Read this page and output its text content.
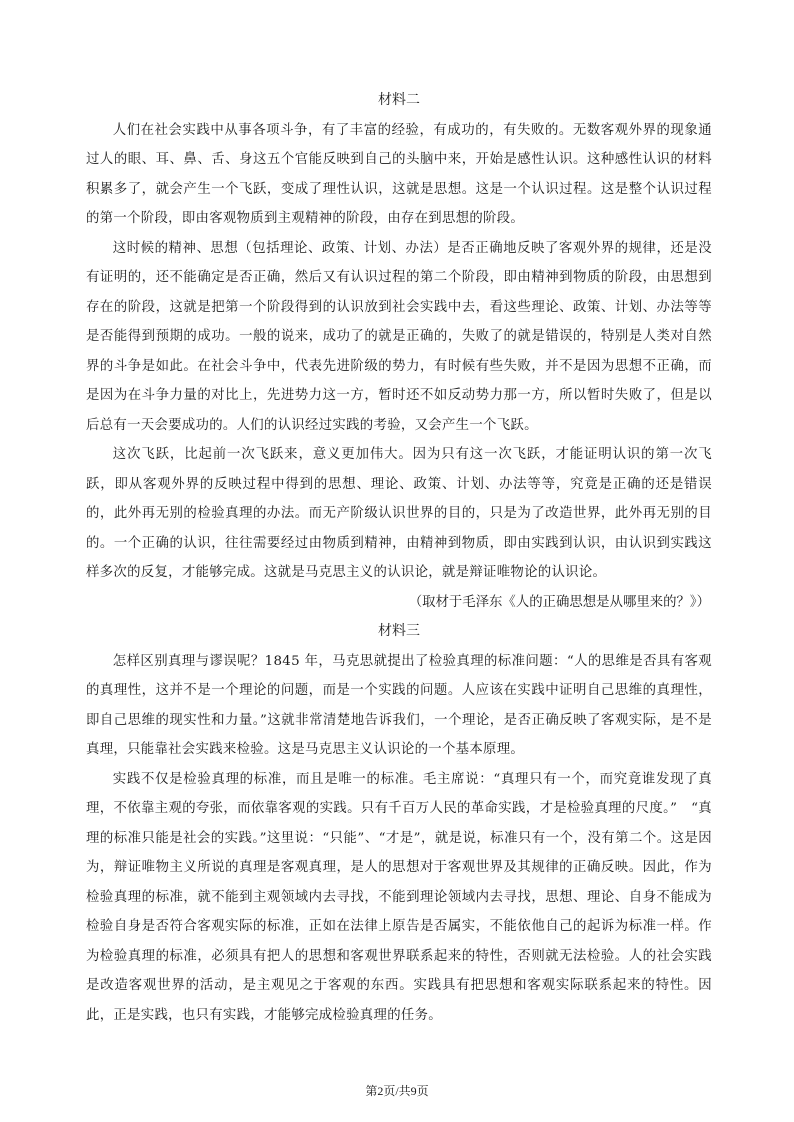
材料二

人们在社会实践中从事各项斗争，有了丰富的经验，有成功的，有失败的。无数客观外界的现象通过人的眼、耳、鼻、舌、身这五个官能反映到自己的头脑中来，开始是感性认识。这种感性认识的材料积累多了，就会产生一个飞跃，变成了理性认识，这就是思想。这是一个认识过程。这是整个认识过程的第一个阶段，即由客观物质到主观精神的阶段，由存在到思想的阶段。

这时候的精神、思想（包括理论、政策、计划、办法）是否正确地反映了客观外界的规律，还是没有证明的，还不能确定是否正确，然后又有认识过程的第二个阶段，即由精神到物质的阶段，由思想到存在的阶段，这就是把第一个阶段得到的认识放到社会实践中去，看这些理论、政策、计划、办法等等是否能得到预期的成功。一般的说来，成功了的就是正确的，失败了的就是错误的，特别是人类对自然界的斗争是如此。在社会斗争中，代表先进阶级的势力，有时候有些失败，并不是因为思想不正确，而是因为在斗争力量的对比上，先进势力这一方，暂时还不如反动势力那一方，所以暂时失败了，但是以后总有一天会要成功的。人们的认识经过实践的考验，又会产生一个飞跃。

这次飞跃，比起前一次飞跃来，意义更加伟大。因为只有这一次飞跃，才能证明认识的第一次飞跃，即从客观外界的反映过程中得到的思想、理论、政策、计划、办法等等，究竟是正确的还是错误的，此外再无别的检验真理的办法。而无产阶级认识世界的目的，只是为了改造世界，此外再无别的目的。一个正确的认识，往往需要经过由物质到精神，由精神到物质，即由实践到认识，由认识到实践这样多次的反复，才能够完成。这就是马克思主义的认识论，就是辩证唯物论的认识论。

（取材于毛泽东《人的正确思想是从哪里来的？》）

材料三

怎样区别真理与谬误呢？1845 年，马克思就提出了检验真理的标准问题：“人的思维是否具有客观的真理性，这并不是一个理论的问题，而是一个实践的问题。人应该在实践中证明自己思维的真理性，即自己思维的现实性和力量。”这就非常清楚地告诉我们，一个理论，是否正确反映了客观实际，是不是真理，只能靠社会实践来检验。这是马克思主义认识论的一个基本原理。

实践不仅是检验真理的标准，而且是唯一的标准。毛主席说：“真理只有一个，而究竟谁发现了真理，不依靠主观的夸张，而依靠客观的实践。只有千百万人民的革命实践，才是检验真理的尺度。”　“真理的标准只能是社会的实践。”这里说：“只能”、“才是”，就是说，标准只有一个，没有第二个。这是因为，辩证唯物主义所说的真理是客观真理，是人的思想对于客观世界及其规律的正确反映。因此，作为检验真理的标准，就不能到主观领域内去寻找，不能到理论领域内去寻找，思想、理论、自身不能成为检验自身是否符合客观实际的标准，正如在法律上原告是否属实，不能依他自己的起诉为标准一样。作为检验真理的标准，必须具有把人的思想和客观世界联系起来的特性，否则就无法检验。人的社会实践是改造客观世界的活动，是主观见之于客观的东西。实践具有把思想和客观实际联系起来的特性。因此，正是实践，也只有实践，才能够完成检验真理的任务。

第2页/共9页
